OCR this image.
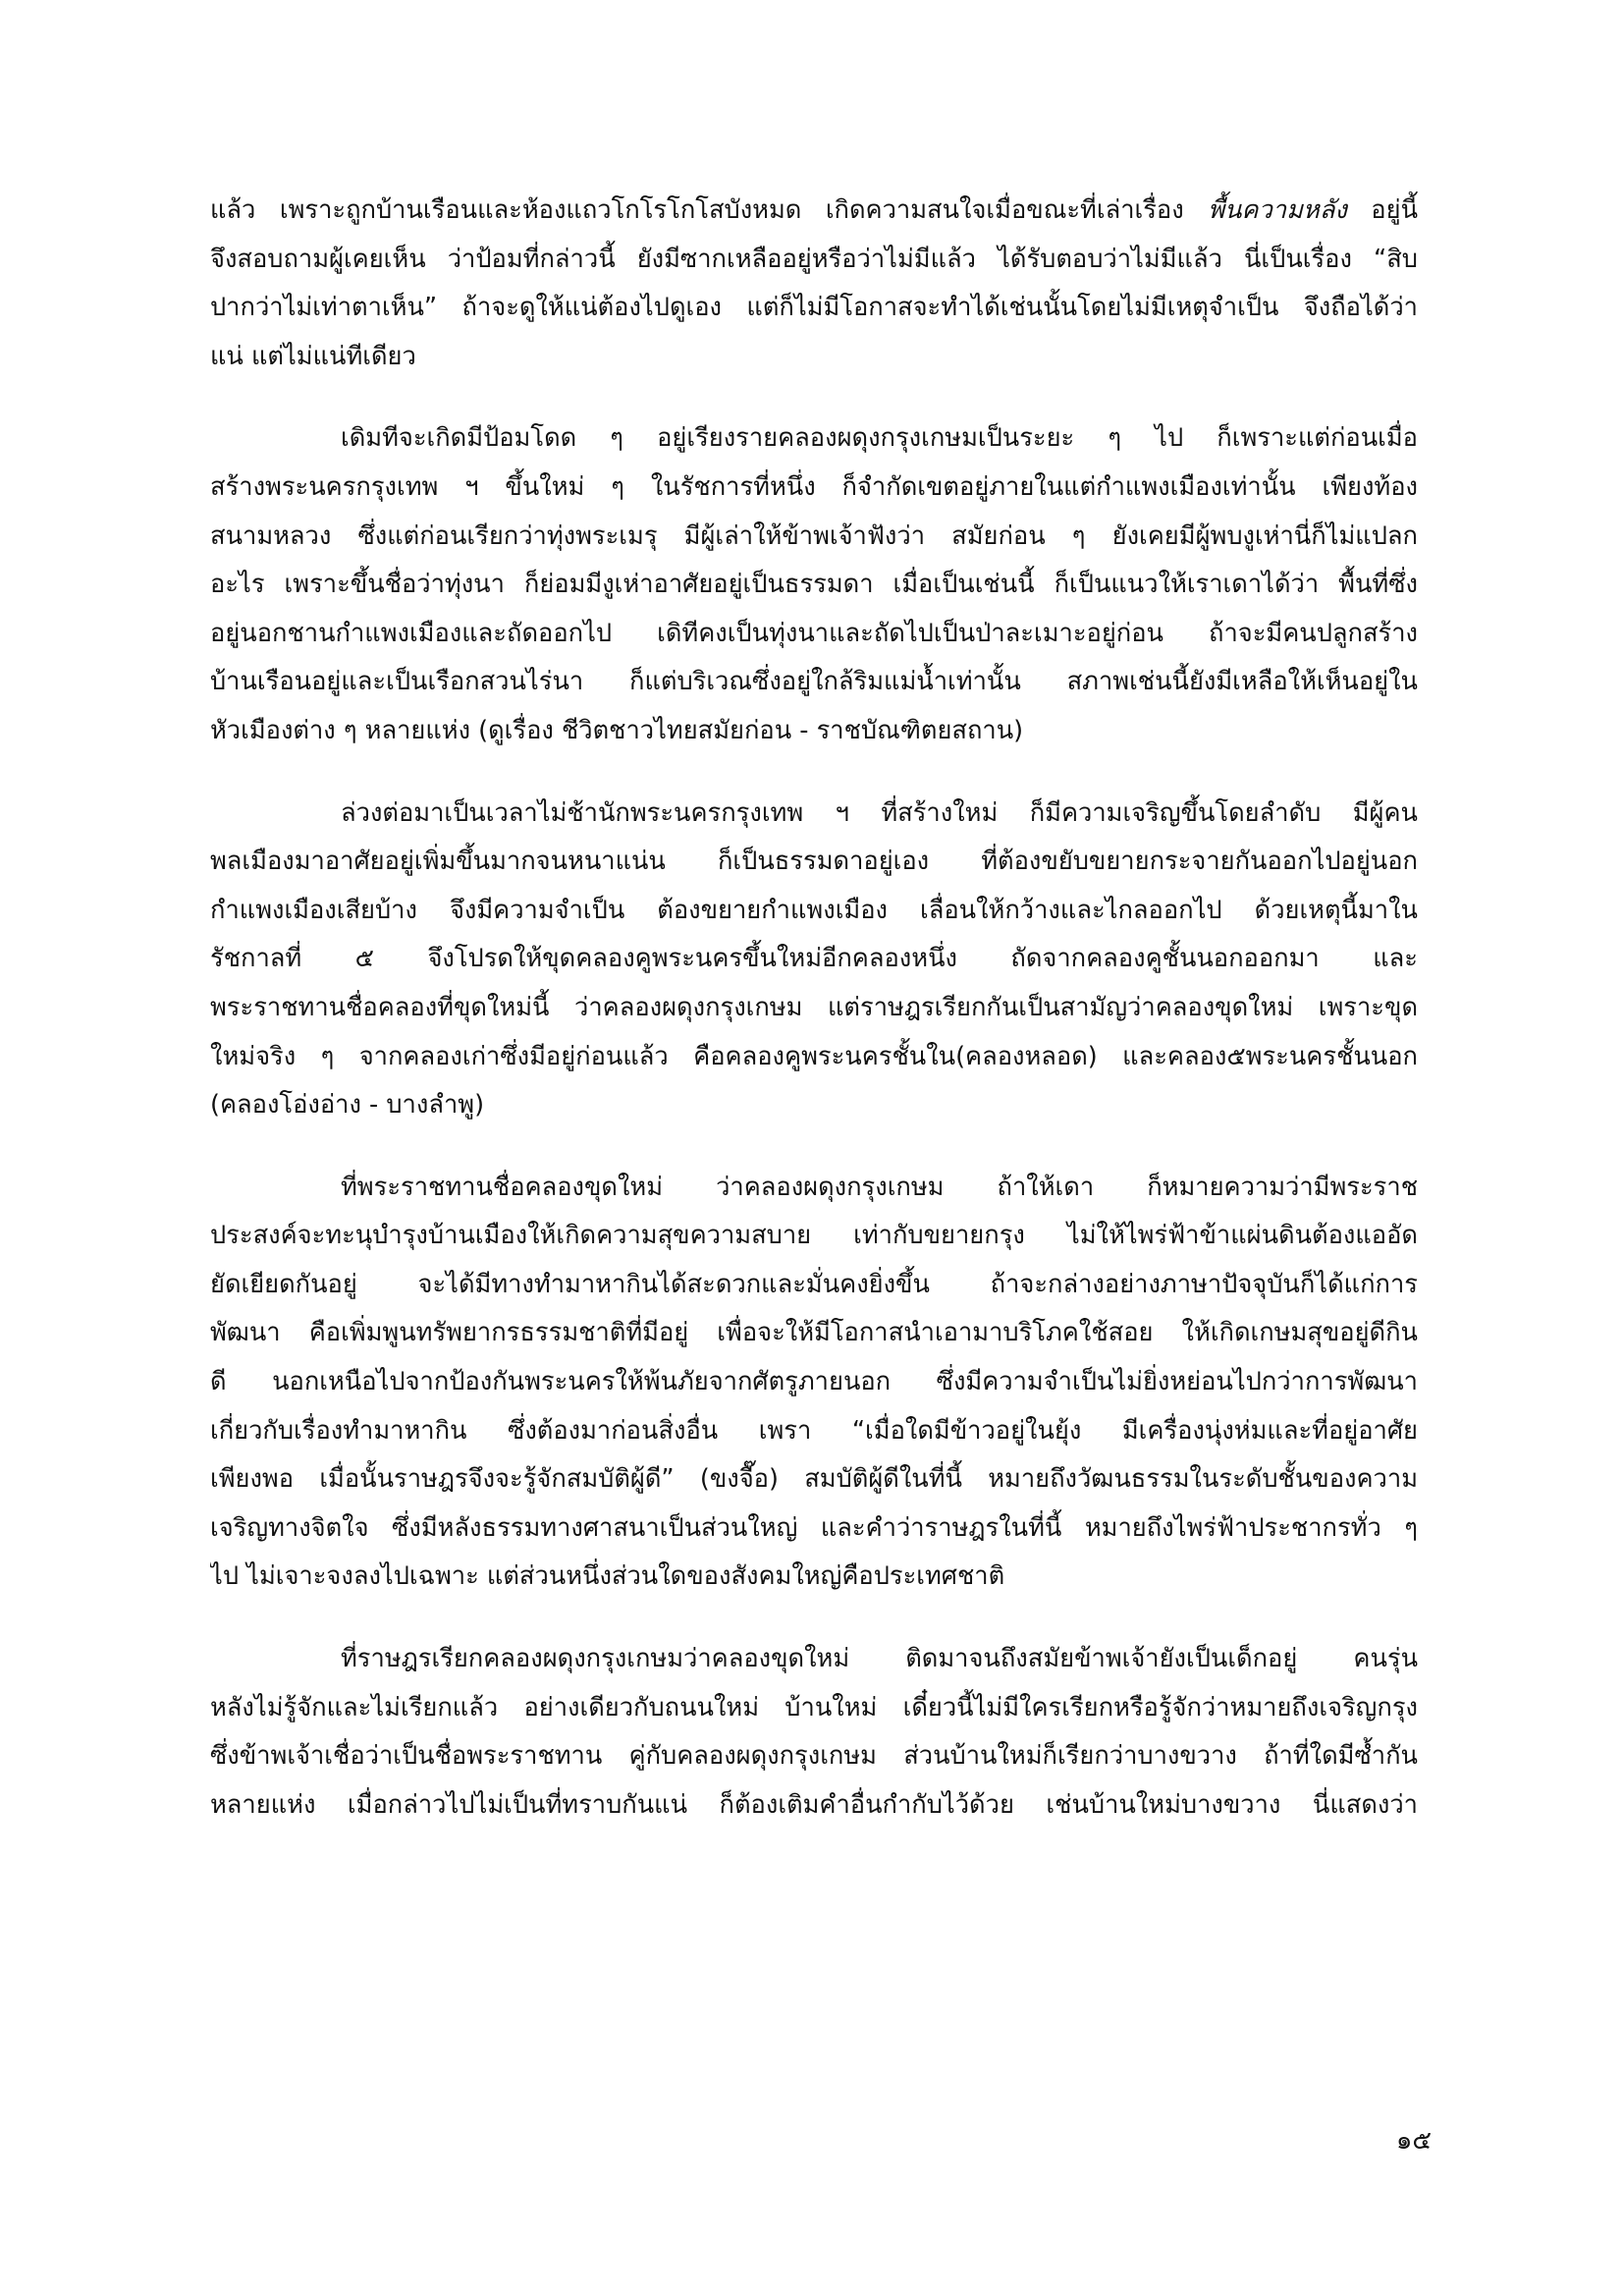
แล้ว เพราะถูกบ้านเรือนและห้องแถวโกโรโกโสบังหมด เกิดความสนใจเมื่อขณะที่เล่าเรื่อง พื้นความหลัง อยู่นี้
จึงสอบถามผู้เคยเห็น ว่าป้อมที่กล่าวนี้ ยังมีซากเหลืออยู่หรือว่าไม่มีแล้ว ได้รับตอบว่าไม่มีแล้ว นี่เป็นเรื่อง “สิบ
ปากว่าไม่เท่าตาเห็น” ถ้าจะดูให้แน่ต้องไปดูเอง แต่ก็ไม่มีโอกาสจะทำได้เช่นนั้นโดยไม่มีเหตุจำเป็น จึงถือได้ว่า
แน่ แต่ไม่แน่ทีเดียว
เดิมทีจะเกิดมีป้อมโดด ๆ อยู่เรียงรายคลองผดุงกรุงเกษมเป็นระยะ ๆ ไป ก็เพราะแต่ก่อนเมื่อ
สร้างพระนครกรุงเทพ ฯ ขึ้นใหม่ ๆ ในรัชการที่หนึ่ง ก็จำกัดเขตอยู่ภายในแต่กำแพงเมืองเท่านั้น เพียงท้อง
สนามหลวง ซึ่งแต่ก่อนเรียกว่าทุ่งพระเมรุ มีผู้เล่าให้ข้าพเจ้าฟังว่า สมัยก่อน ๆ ยังเคยมีผู้พบงูเห่านี่ก็ไม่แปลก
อะไร เพราะขึ้นชื่อว่าทุ่งนา ก็ย่อมมีงูเห่าอาศัยอยู่เป็นธรรมดา เมื่อเป็นเช่นนี้ ก็เป็นแนวให้เราเดาได้ว่า พื้นที่ซึ่ง
อยู่นอกชานกำแพงเมืองและถัดออกไป เดิทีคงเป็นทุ่งนาและถัดไปเป็นป่าละเมาะอยู่ก่อน ถ้าจะมีคนปลูกสร้าง
บ้านเรือนอยู่และเป็นเรือกสวนไร่นา ก็แต่บริเวณซึ่งอยู่ใกล้ริมแม่น้ำเท่านั้น สภาพเช่นนี้ยังมีเหลือให้เห็นอยู่ใน
หัวเมืองต่าง ๆ หลายแห่ง (ดูเรื่อง ชีวิตชาวไทยสมัยก่อน - ราชบัณฑิตยสถาน)
ล่วงต่อมาเป็นเวลาไม่ช้านักพระนครกรุงเทพ ฯ ที่สร้างใหม่ ก็มีความเจริญขึ้นโดยลำดับ มีผู้คน
พลเมืองมาอาศัยอยู่เพิ่มขึ้นมากจนหนาแน่น ก็เป็นธรรมดาอยู่เอง ที่ต้องขยับขยายกระจายกันออกไปอยู่นอก
กำแพงเมืองเสียบ้าง จึงมีความจำเป็น ต้องขยายกำแพงเมือง เลื่อนให้กว้างและไกลออกไป ด้วยเหตุนี้มาใน
รัชกาลที่ ๕ จึงโปรดให้ขุดคลองคูพระนครขึ้นใหม่อีกคลองหนึ่ง ถัดจากคลองคูชั้นนอกออกมา และ
พระราชทานชื่อคลองที่ขุดใหม่นี้ ว่าคลองผดุงกรุงเกษม แต่ราษฎรเรียกกันเป็นสามัญว่าคลองขุดใหม่ เพราะขุด
ใหม่จริง ๆ จากคลองเก่าซึ่งมีอยู่ก่อนแล้ว คือคลองคูพระนครชั้นใน(คลองหลอด) และคลอง๕พระนครชั้นนอก
(คลองโอ่งอ่าง - บางลำพู)
ที่พระราชทานชื่อคลองขุดใหม่ ว่าคลองผดุงกรุงเกษม ถ้าให้เดา ก็หมายความว่ามีพระราช
ประสงค์จะทะนุบำรุงบ้านเมืองให้เกิดความสุขความสบาย เท่ากับขยายกรุง ไม่ให้ไพร่ฟ้าข้าแผ่นดินต้องแออัด
ยัดเยียดกันอยู่ จะได้มีทางทำมาหากินได้สะดวกและมั่นคงยิ่งขึ้น ถ้าจะกล่างอย่างภาษาปัจจุบันก็ได้แก่การ
พัฒนา คือเพิ่มพูนทรัพยากรธรรมชาติที่มีอยู่ เพื่อจะให้มีโอกาสนำเอามาบริโภคใช้สอย ให้เกิดเกษมสุขอยู่ดีกิน
ดี นอกเหนือไปจากป้องกันพระนครให้พ้นภัยจากศัตรูภายนอก ซึ่งมีความจำเป็นไม่ยิ่งหย่อนไปกว่าการพัฒนา
เกี่ยวกับเรื่องทำมาหากิน ซึ่งต้องมาก่อนสิ่งอื่น เพรา “เมื่อใดมีข้าวอยู่ในยุ้ง มีเครื่องนุ่งห่มและที่อยู่อาศัย
เพียงพอ เมื่อนั้นราษฎรจึงจะรู้จักสมบัติผู้ดี” (ขงจื๊อ) สมบัติผู้ดีในที่นี้ หมายถึงวัฒนธรรมในระดับชั้นของความ
เจริญทางจิตใจ ซึ่งมีหลังธรรมทางศาสนาเป็นส่วนใหญ่ และคำว่าราษฎรในที่นี้ หมายถึงไพร่ฟ้าประชากรทั่ว ๆ
ไป ไม่เจาะจงลงไปเฉพาะ แต่ส่วนหนึ่งส่วนใดของสังคมใหญ่คือประเทศชาติ
ที่ราษฎรเรียกคลองผดุงกรุงเกษมว่าคลองขุดใหม่ ติดมาจนถึงสมัยข้าพเจ้ายังเป็นเด็กอยู่ คนรุ่น
หลังไม่รู้จักและไม่เรียกแล้ว อย่างเดียวกับถนนใหม่ บ้านใหม่ เดี๋ยวนี้ไม่มีใครเรียกหรือรู้จักว่าหมายถึงเจริญกรุง
ซึ่งข้าพเจ้าเชื่อว่าเป็นชื่อพระราชทาน คู่กับคลองผดุงกรุงเกษม ส่วนบ้านใหม่ก็เรียกว่าบางขวาง ถ้าที่ใดมีซ้ำกัน
หลายแห่ง เมื่อกล่าวไปไม่เป็นที่ทราบกันแน่ ก็ต้องเติมคำอื่นกำกับไว้ด้วย เช่นบ้านใหม่บางขวาง นี่แสดงว่า
๑๕
